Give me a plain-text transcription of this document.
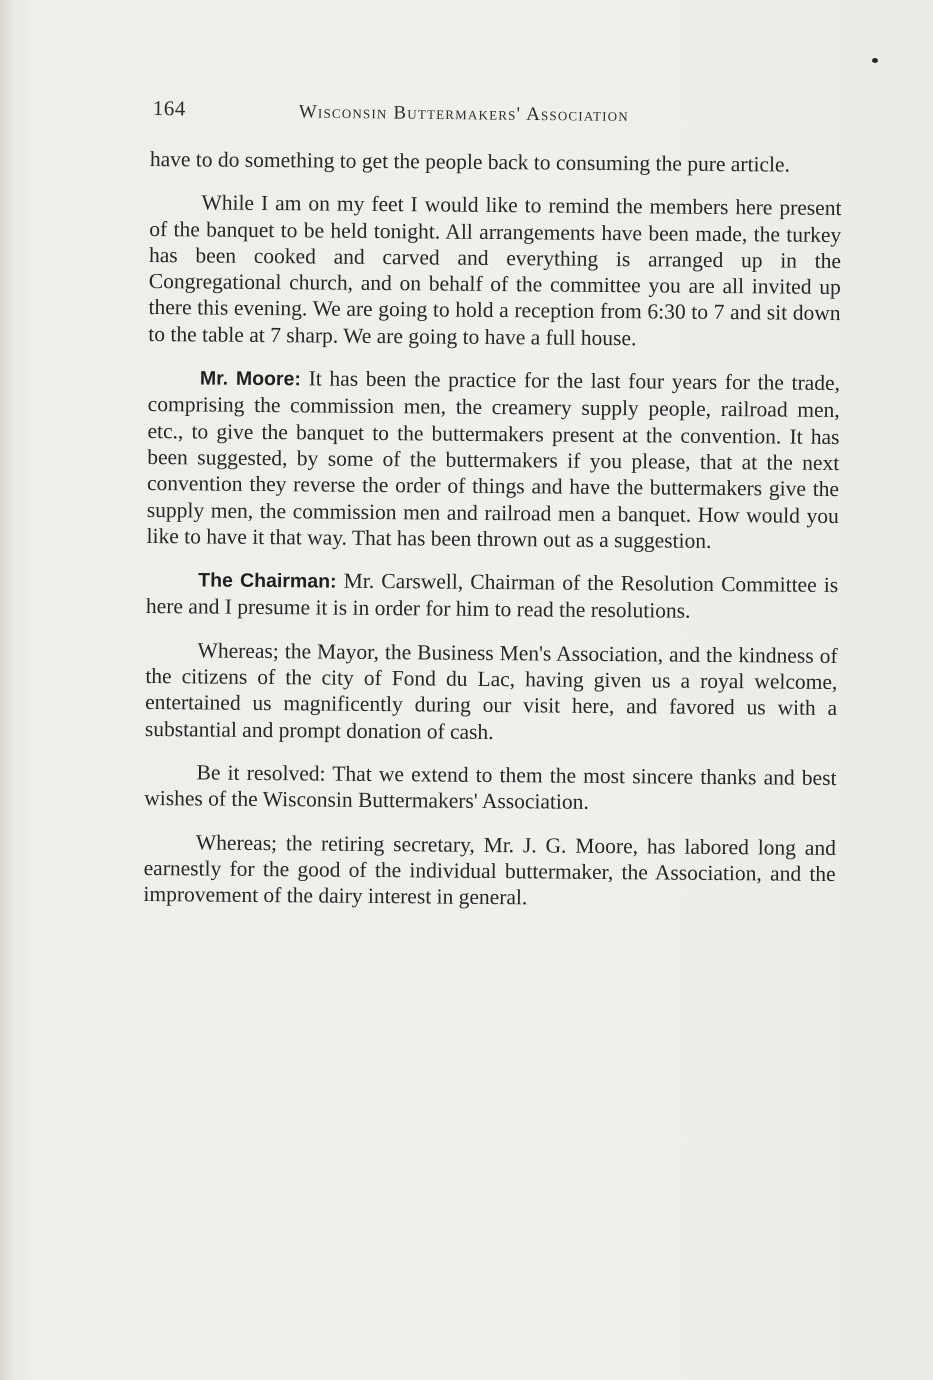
164	Wisconsin Buttermakers' Association

have to do something to get the people back to consuming the pure article.

While I am on my feet I would like to remind the members here present of the banquet to be held tonight. All arrangements have been made, the turkey has been cooked and carved and everything is arranged up in the Congregational church, and on behalf of the committee you are all invited up there this evening. We are going to hold a reception from 6:30 to 7 and sit down to the table at 7 sharp. We are going to have a full house.

Mr. Moore: It has been the practice for the last four years for the trade, comprising the commission men, the creamery supply people, railroad men, etc., to give the banquet to the buttermakers present at the convention. It has been suggested, by some of the buttermakers if you please, that at the next convention they reverse the order of things and have the buttermakers give the supply men, the commission men and railroad men a banquet. How would you like to have it that way. That has been thrown out as a suggestion.

The Chairman: Mr. Carswell, Chairman of the Resolution Committee is here and I presume it is in order for him to read the resolutions.

Whereas; the Mayor, the Business Men's Association, and the kindness of the citizens of the city of Fond du Lac, having given us a royal welcome, entertained us magnificently during our visit here, and favored us with a substantial and prompt donation of cash.

Be it resolved: That we extend to them the most sincere thanks and best wishes of the Wisconsin Buttermakers' Association.

Whereas; the retiring secretary, Mr. J. G. Moore, has labored long and earnestly for the good of the individual buttermaker, the Association, and the improvement of the dairy interest in general.
